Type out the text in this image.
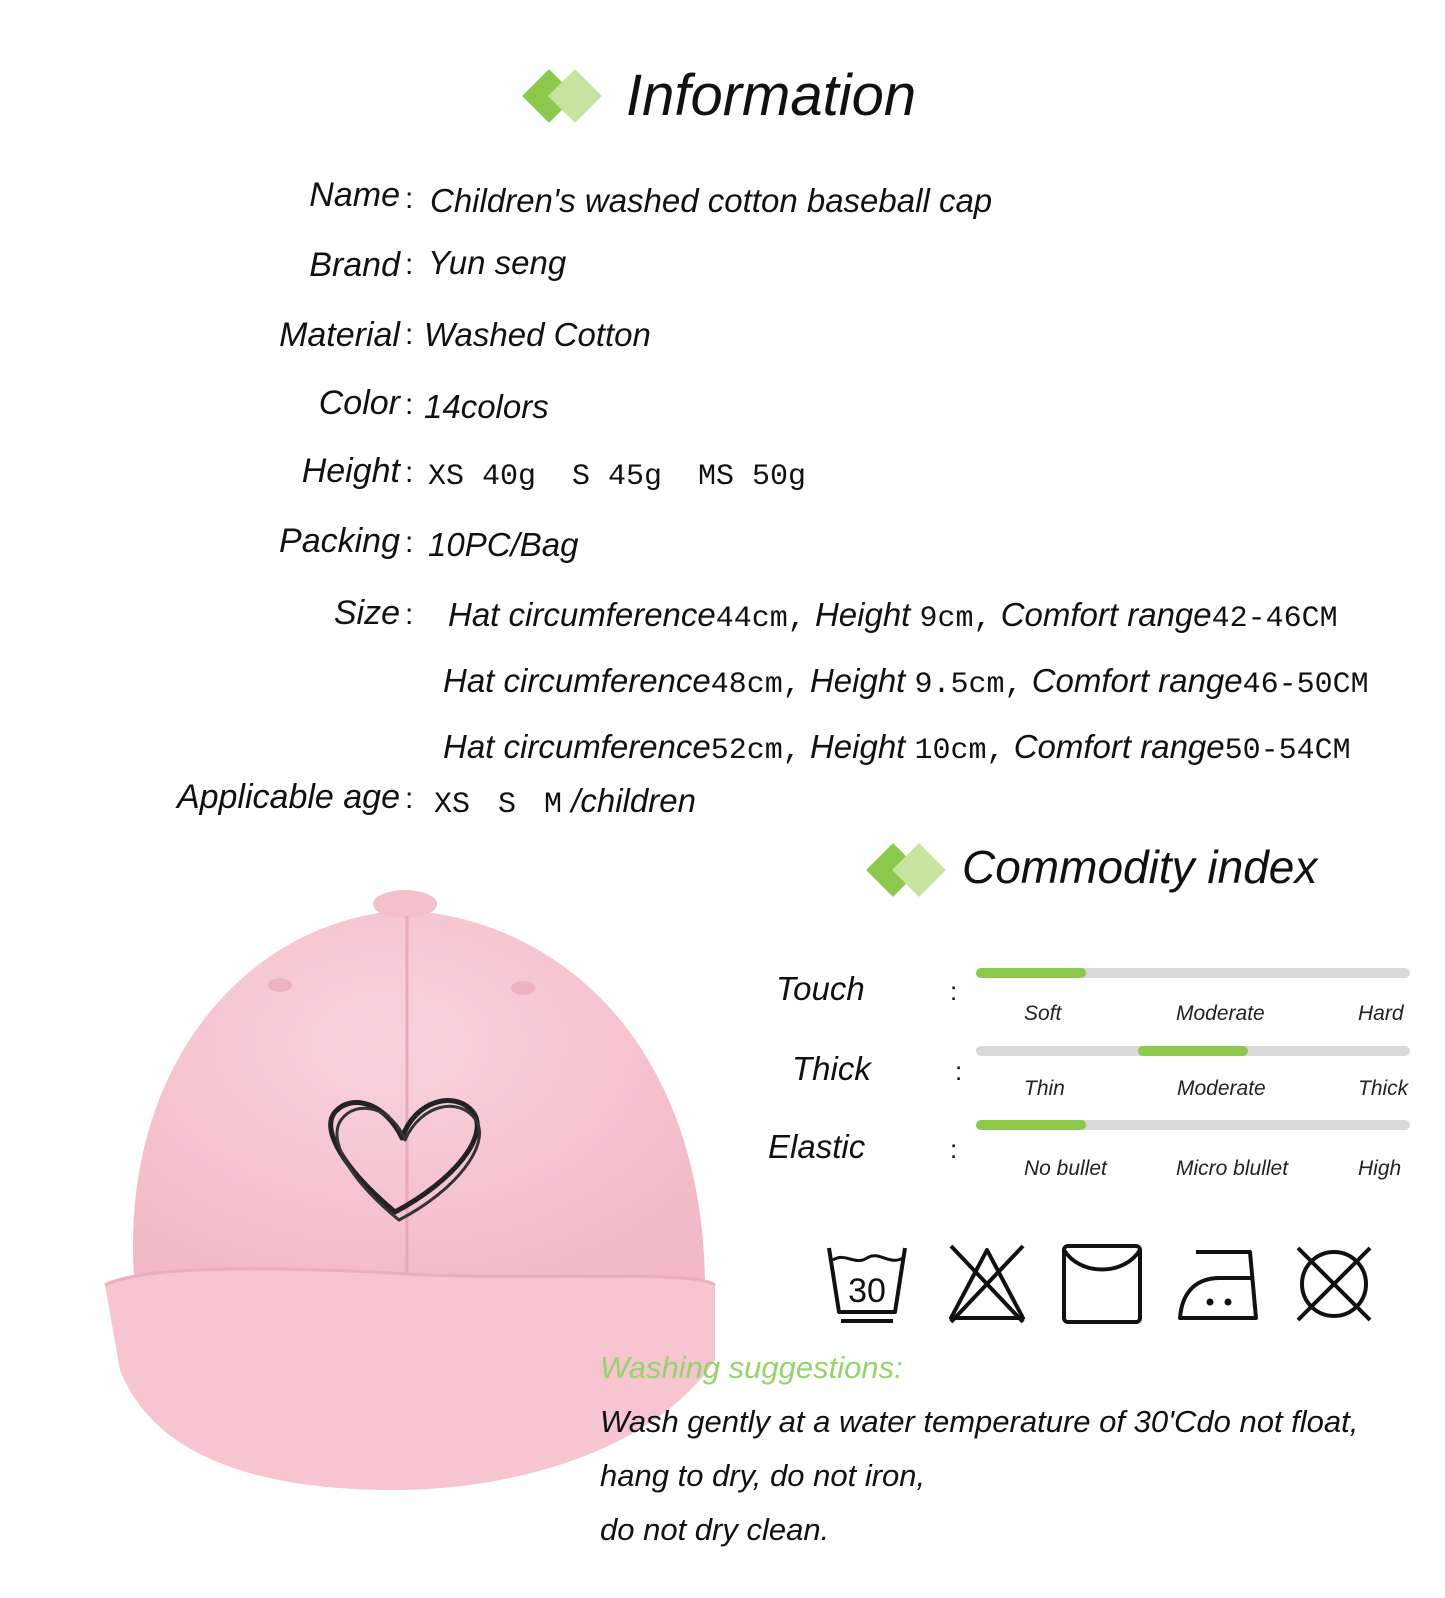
Information
Name : Children's washed cotton baseball cap
Brand : Yun seng
Material : Washed Cotton
Color : 14colors
Height : XS 40g  S 45g  MS 50g
Packing : 10PC/Bag
Size : Hat circumference44cm, Height 9cm, Comfort range42-46CM
Hat circumference48cm, Height 9.5cm, Comfort range46-50CM
Hat circumference52cm, Height 10cm, Comfort range50-54CM
Applicable age : XS S M /children
Commodity index
Touch	:
Soft	Moderate	Hard
Thick	:
Thin	Moderate	Thick
Elastic	:
No bullet	Micro blullet	High
30
Washing suggestions:
Wash gently at a water temperature of 30'Cdo not float,
hang to dry, do not iron,
do not dry clean.
